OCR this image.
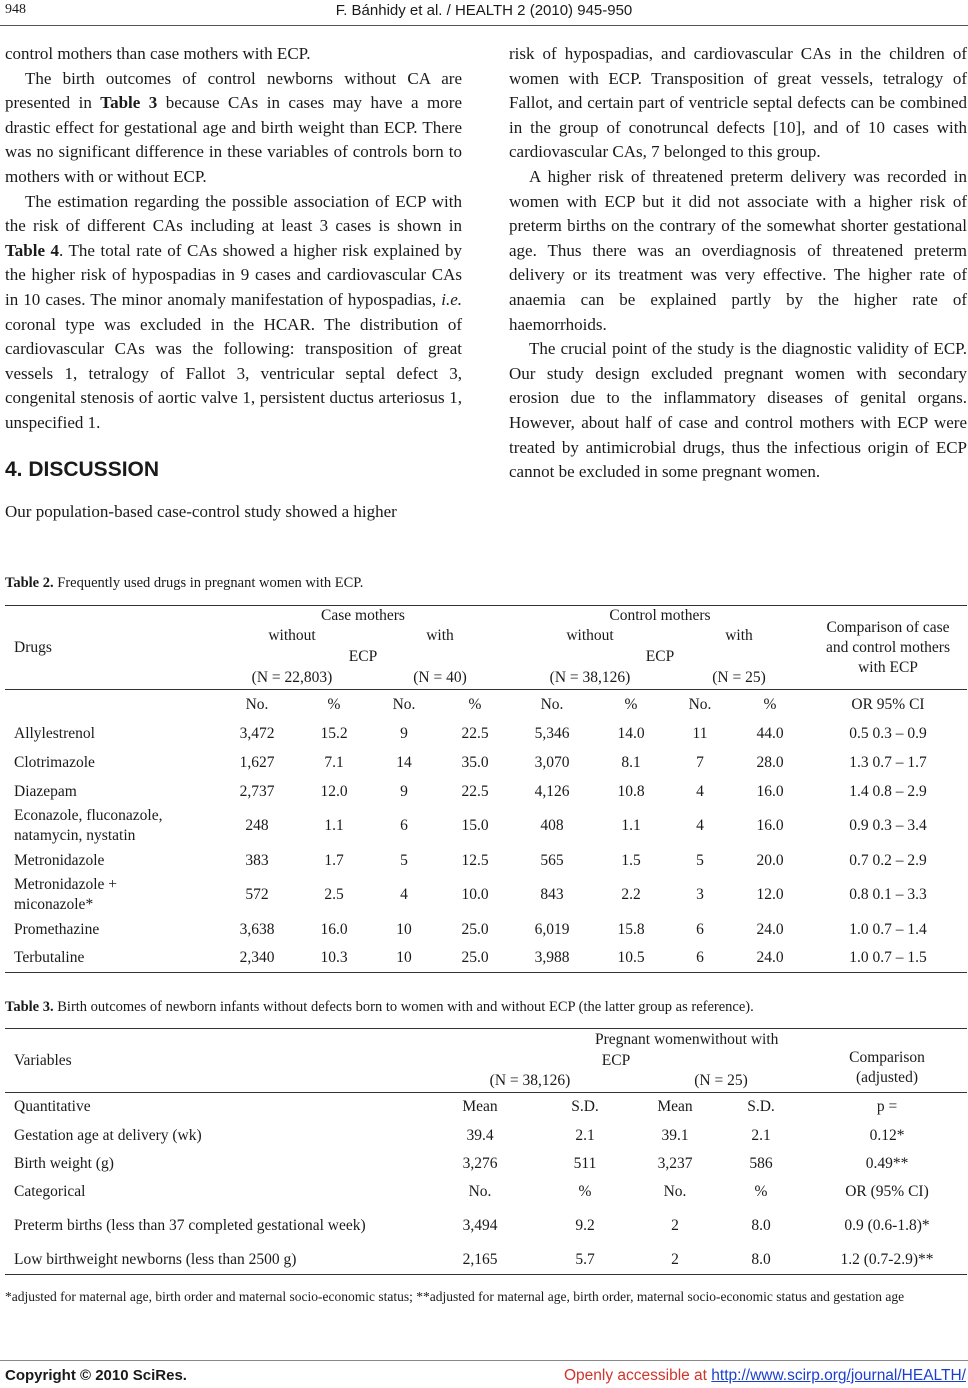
948	F. Bánhidy et al. / HEALTH 2 (2010) 945-950

control mothers than case mothers with ECP.

The birth outcomes of control newborns without CA are presented in Table 3 because CAs in cases may have a more drastic effect for gestational age and birth weight than ECP. There was no significant difference in these variables of controls born to mothers with or without ECP.

The estimation regarding the possible association of ECP with the risk of different CAs including at least 3 cases is shown in Table 4. The total rate of CAs showed a higher risk explained by the higher risk of hypospadias in 9 cases and cardiovascular CAs in 10 cases. The minor anomaly manifestation of hypospadias, i.e. coronal type was excluded in the HCAR. The distribution of cardiovascular CAs was the following: transposition of great vessels 1, tetralogy of Fallot 3, ventricular septal defect 3, congenital stenosis of aortic valve 1, persistent ductus arteriosus 1, unspecified 1.

4. DISCUSSION

Our population-based case-control study showed a higher

risk of hypospadias, and cardiovascular CAs in the children of women with ECP. Transposition of great vessels, tetralogy of Fallot, and certain part of ventricle septal defects can be combined in the group of conotruncal defects [10], and of 10 cases with cardiovascular CAs, 7 belonged to this group.

A higher risk of threatened preterm delivery was recorded in women with ECP but it did not associate with a higher risk of preterm births on the contrary of the somewhat shorter gestational age. Thus there was an overdiagnosis of threatened preterm delivery or its treatment was very effective. The higher rate of anaemia can be explained partly by the higher rate of haemorrhoids.

The crucial point of the study is the diagnostic validity of ECP. Our study design excluded pregnant women with secondary erosion due to the inflammatory diseases of genital organs. However, about half of case and control mothers with ECP were treated by antimicrobial drugs, thus the infectious origin of ECP cannot be excluded in some pregnant women.

Table 2. Frequently used drugs in pregnant women with ECP.
Drugs	Case mothers				Control mothers				Comparison of case and control mothers with ECP
	without		with		without		with		
	ECP				ECP				
	(N = 22,803)		(N = 40)		(N = 38,126)		(N = 25)		
	No.	%	No.	%	No.	%	No.	%	OR 95% CI
Allylestrenol	3,472	15.2	9	22.5	5,346	14.0	11	44.0	0.5 0.3 – 0.9
Clotrimazole	1,627	7.1	14	35.0	3,070	8.1	7	28.0	1.3 0.7 – 1.7
Diazepam	2,737	12.0	9	22.5	4,126	10.8	4	16.0	1.4 0.8 – 2.9
Econazole, fluconazole, natamycin, nystatin	248	1.1	6	15.0	408	1.1	4	16.0	0.9 0.3 – 3.4
Metronidazole	383	1.7	5	12.5	565	1.5	5	20.0	0.7 0.2 – 2.9
Metronidazole + miconazole*	572	2.5	4	10.0	843	2.2	3	12.0	0.8 0.1 – 3.3
Promethazine	3,638	16.0	10	25.0	6,019	15.8	6	24.0	1.0 0.7 – 1.4
Terbutaline	2,340	10.3	10	25.0	3,988	10.5	6	24.0	1.0 0.7 – 1.5
Table 3. Birth outcomes of newborn infants without defects born to women with and without ECP (the latter group as reference).
Variables	Pregnant womenwithout with				Comparison (adjusted)
	ECP				
	(N = 38,126)		(N = 25)		
Quantitative	Mean	S.D.	Mean	S.D.	p =
Gestation age at delivery (wk)	39.4	2.1	39.1	2.1	0.12*
Birth weight (g)	3,276	511	3,237	586	0.49**
Categorical	No.	%	No.	%	OR (95% CI)
Preterm births (less than 37 completed gestational week)	3,494	9.2	2	8.0	0.9 (0.6-1.8)*
Low birthweight newborns (less than 2500 g)	2,165	5.7	2	8.0	1.2 (0.7-2.9)**
*adjusted for maternal age, birth order and maternal socio-economic status; **adjusted for maternal age, birth order, maternal socio-economic status and gestation age
Copyright © 2010 SciRes.	Openly accessible at http://www.scirp.org/journal/HEALTH/
